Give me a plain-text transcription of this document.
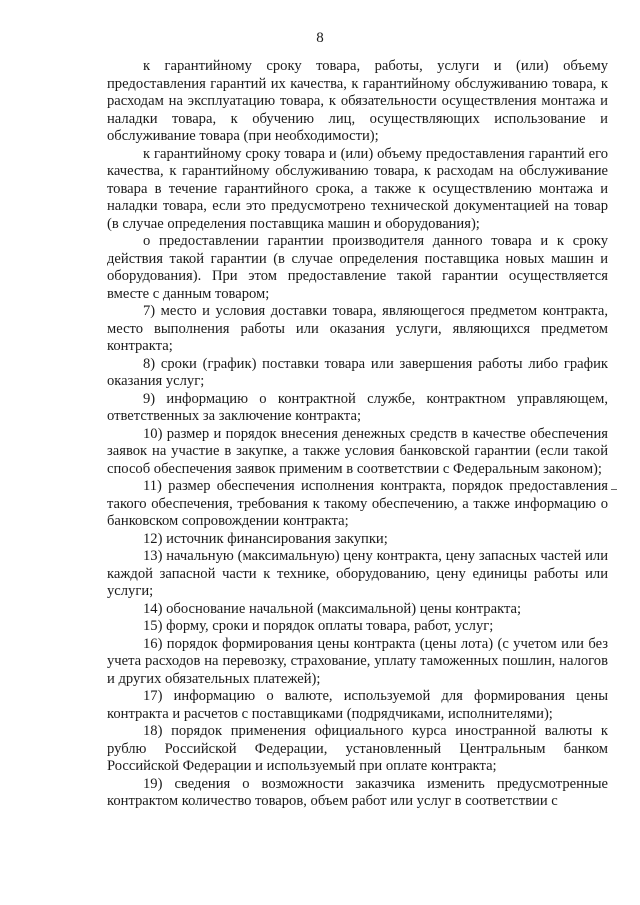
8

к гарантийному сроку товара, работы, услуги и (или) объему предоставления гарантий их качества, к гарантийному обслуживанию товара, к расходам на эксплуатацию товара, к обязательности осуществления монтажа и наладки товара, к обучению лиц, осуществляющих использование и обслуживание товара (при необходимости);

к гарантийному сроку товара и (или) объему предоставления гарантий его качества, к гарантийному обслуживанию товара, к расходам на обслуживание товара в течение гарантийного срока, а также к осуществлению монтажа и наладки товара, если это предусмотрено технической документацией на товар (в случае определения поставщика машин и оборудования);

о предоставлении гарантии производителя данного товара и к сроку действия такой гарантии (в случае определения поставщика новых машин и оборудования). При этом предоставление такой гарантии осуществляется вместе с данным товаром;

7) место и условия доставки товара, являющегося предметом контракта, место выполнения работы или оказания услуги, являющихся предметом контракта;

8) сроки (график) поставки товара или завершения работы либо график оказания услуг;

9) информацию о контрактной службе, контрактном управляющем, ответственных за заключение контракта;

10) размер и порядок внесения денежных средств в качестве обеспечения заявок на участие в закупке, а также условия банковской гарантии (если такой способ обеспечения заявок применим в соответствии с Федеральным законом);

11) размер обеспечения исполнения контракта, порядок предоставления такого обеспечения, требования к такому обеспечению, а также информацию о банковском сопровождении контракта;

12) источник финансирования закупки;

13) начальную (максимальную) цену контракта, цену запасных частей или каждой запасной части к технике, оборудованию, цену единицы работы или услуги;

14) обоснование начальной (максимальной) цены контракта;

15) форму, сроки и порядок оплаты товара, работ, услуг;

16) порядок формирования цены контракта (цены лота) (с учетом или без учета расходов на перевозку, страхование, уплату таможенных пошлин, налогов и других обязательных платежей);

17) информацию о валюте, используемой для формирования цены контракта и расчетов с поставщиками (подрядчиками, исполнителями);

18) порядок применения официального курса иностранной валюты к рублю Российской Федерации, установленный Центральным банком Российской Федерации и используемый при оплате контракта;

19) сведения о возможности заказчика изменить предусмотренные контрактом количество товаров, объем работ или услуг в соответствии с
